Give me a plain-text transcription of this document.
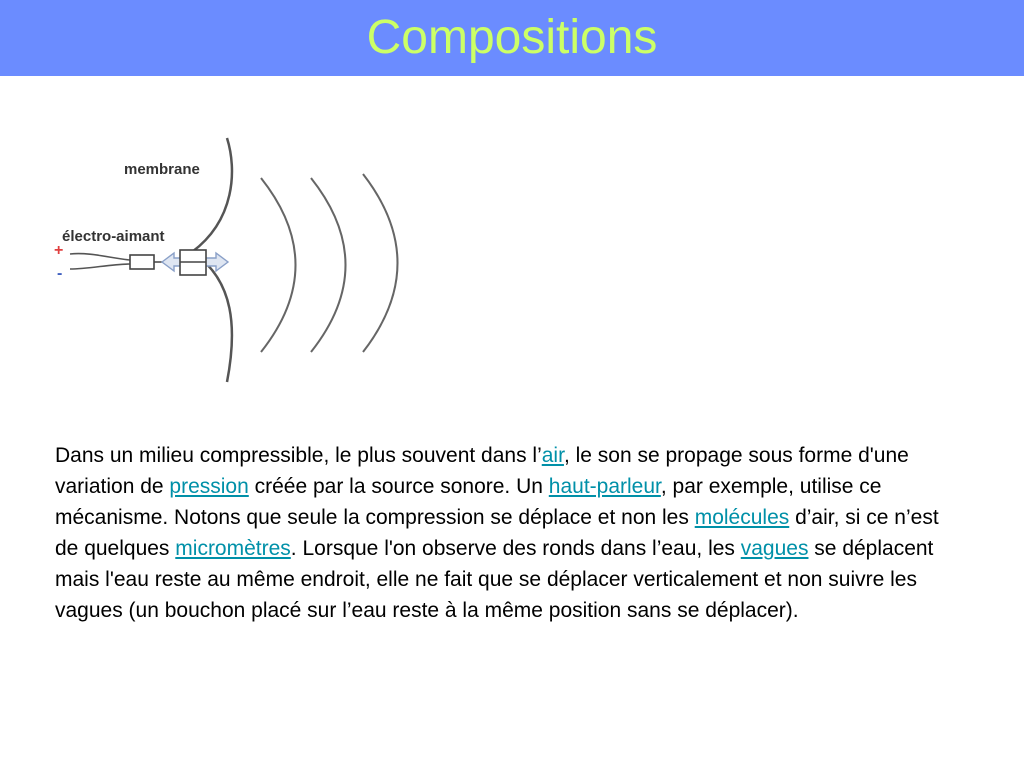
Compositions
membrane
électro-aimant
+
-

Dans un milieu compressible, le plus souvent dans l’air, le son se propage sous forme d'une variation de pression créée par la source sonore. Un haut-parleur, par exemple, utilise ce mécanisme. Notons que seule la compression se déplace et non les molécules d’air, si ce n’est de quelques micromètres. Lorsque l'on observe des ronds dans l’eau, les vagues se déplacent mais l'eau reste au même endroit, elle ne fait que se déplacer verticalement et non suivre les vagues (un bouchon placé sur l’eau reste à la même position sans se déplacer).
